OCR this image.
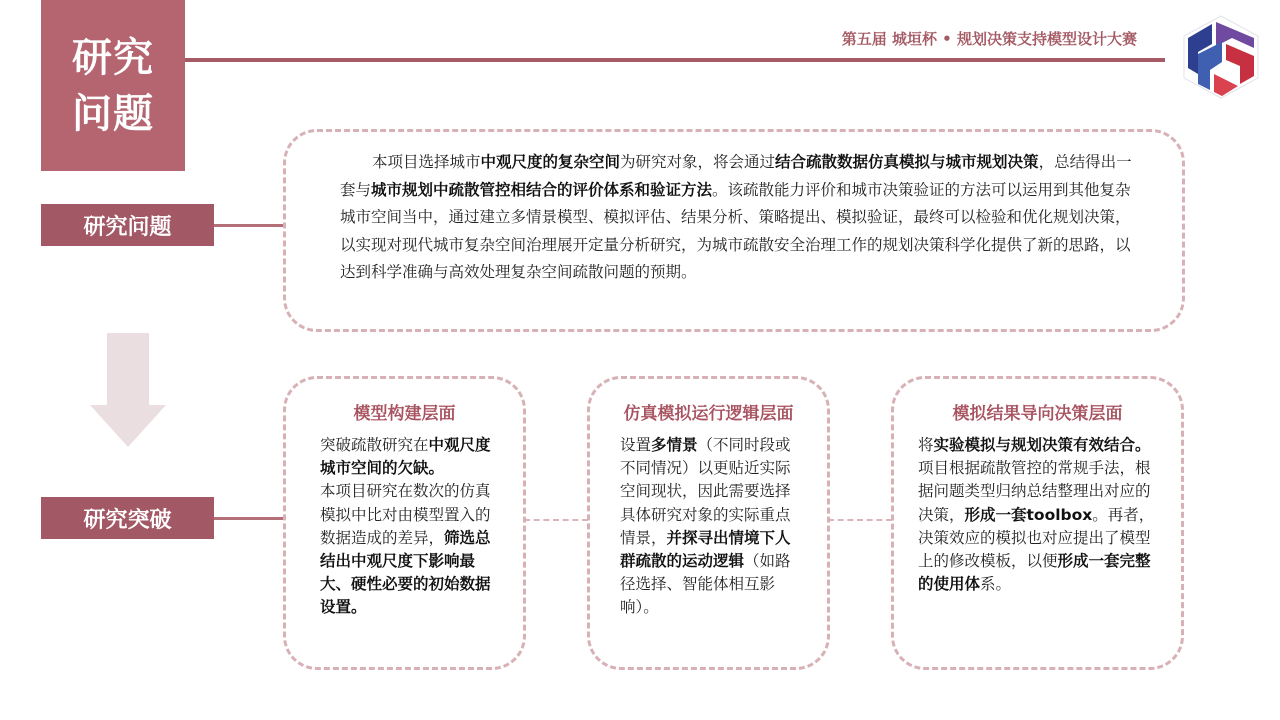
研究
问题
第五届 城垣杯 • 规划决策支持模型设计大赛
研究问题
研究突破
本项目选择城市中观尺度的复杂空间为研究对象，将会通过结合疏散数据仿真模拟与城市规划决策，总结得出一套与城市规划中疏散管控相结合的评价体系和验证方法。该疏散能力评价和城市决策验证的方法可以运用到其他复杂城市空间当中，通过建立多情景模型、模拟评估、结果分析、策略提出、模拟验证，最终可以检验和优化规划决策，以实现对现代城市复杂空间治理展开定量分析研究，为城市疏散安全治理工作的规划决策科学化提供了新的思路，以达到科学准确与高效处理复杂空间疏散问题的预期。
模型构建层面
突破疏散研究在中观尺度城市空间的欠缺。
本项目研究在数次的仿真模拟中比对由模型置入的数据造成的差异，筛选总结出中观尺度下影响最大、硬性必要的初始数据设置。
仿真模拟运行逻辑层面
设置多情景（不同时段或不同情况）以更贴近实际空间现状，因此需要选择具体研究对象的实际重点情景，并探寻出情境下人群疏散的运动逻辑（如路径选择、智能体相互影响）。
模拟结果导向决策层面
将实验模拟与规划决策有效结合。
项目根据疏散管控的常规手法，根据问题类型归纳总结整理出对应的决策，形成一套toolbox。再者，决策效应的模拟也对应提出了模型上的修改模板，以便形成一套完整的使用体系。
